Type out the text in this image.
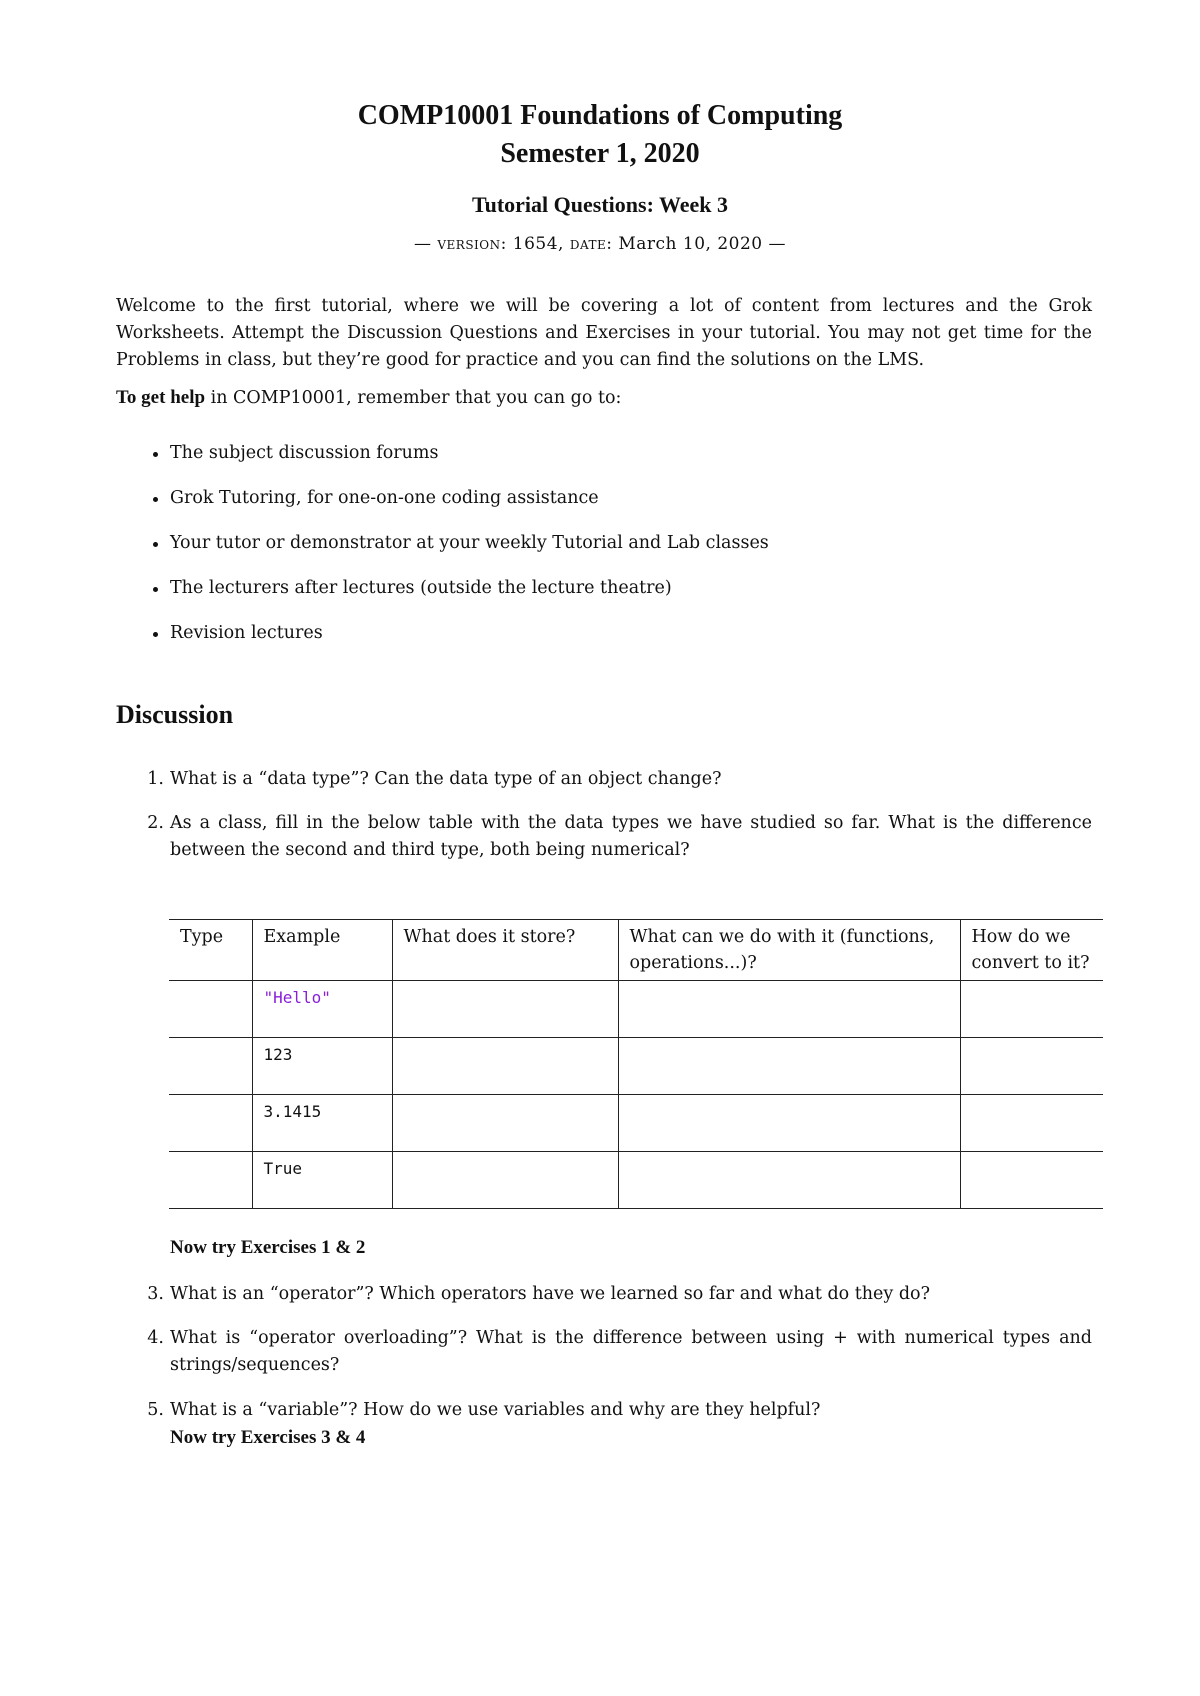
COMP10001 Foundations of Computing
Semester 1, 2020
Tutorial Questions: Week 3
— version: 1654, date: March 10, 2020 —
Welcome to the first tutorial, where we will be covering a lot of content from lectures and the Grok Worksheets. Attempt the Discussion Questions and Exercises in your tutorial. You may not get time for the Problems in class, but they’re good for practice and you can find the solutions on the LMS.
To get help in COMP10001, remember that you can go to:
The subject discussion forums
Grok Tutoring, for one-on-one coding assistance
Your tutor or demonstrator at your weekly Tutorial and Lab classes
The lecturers after lectures (outside the lecture theatre)
Revision lectures
Discussion
1. What is a “data type”? Can the data type of an object change?
2. As a class, fill in the below table with the data types we have studied so far. What is the difference between the second and third type, both being numerical?
Type	Example	What does it store?	What can we do with it (functions, operations...)?	How do we convert to it?
	"Hello"			
	123			
	3.1415			
	True			
Now try Exercises 1 & 2
3. What is an “operator”? Which operators have we learned so far and what do they do?
4. What is “operator overloading”? What is the difference between using + with numerical types and strings/sequences?
5. What is a “variable”? How do we use variables and why are they helpful?
Now try Exercises 3 & 4
